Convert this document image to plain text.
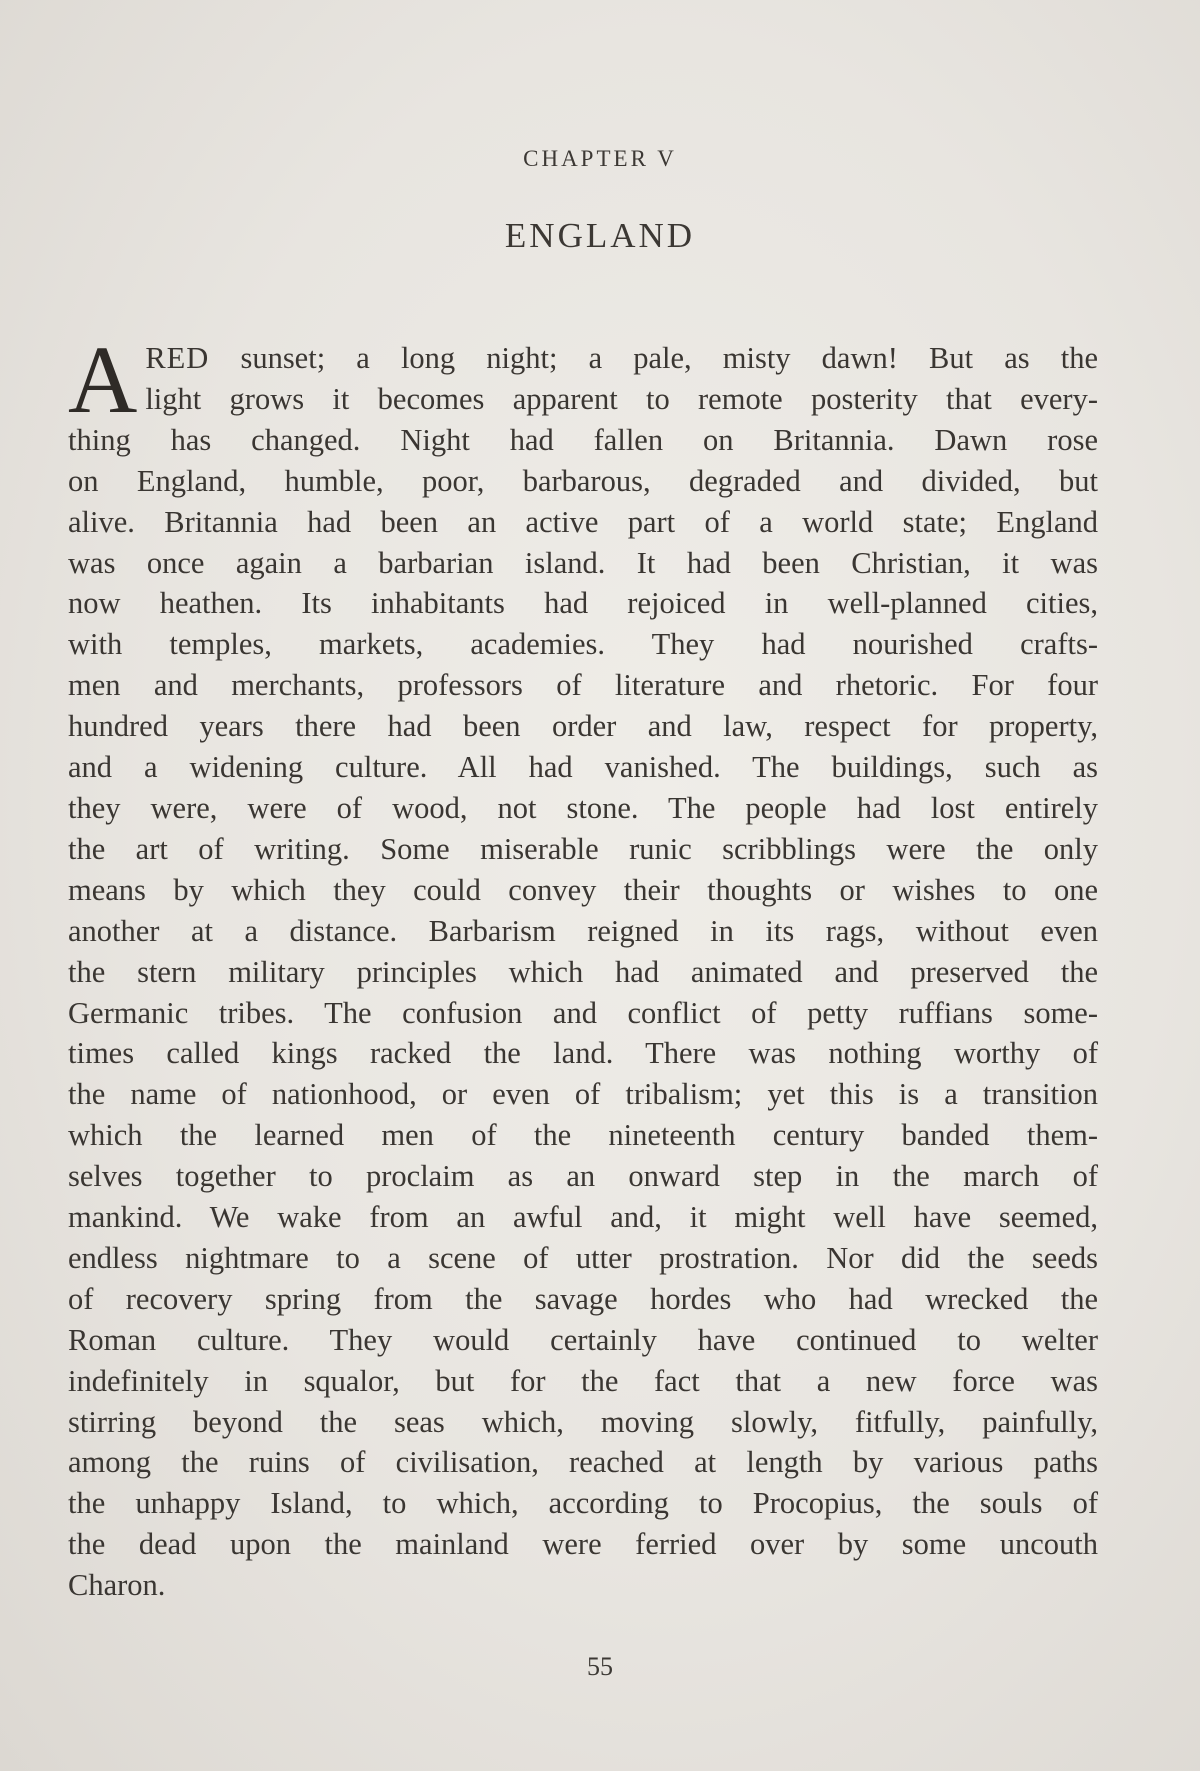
CHAPTER V
ENGLAND
A RED sunset; a long night; a pale, misty dawn! But as the
light grows it becomes apparent to remote posterity that every-
thing has changed. Night had fallen on Britannia. Dawn rose
on England, humble, poor, barbarous, degraded and divided, but
alive. Britannia had been an active part of a world state; England
was once again a barbarian island. It had been Christian, it was
now heathen. Its inhabitants had rejoiced in well-planned cities,
with temples, markets, academies. They had nourished crafts-
men and merchants, professors of literature and rhetoric. For four
hundred years there had been order and law, respect for property,
and a widening culture. All had vanished. The buildings, such as
they were, were of wood, not stone. The people had lost entirely
the art of writing. Some miserable runic scribblings were the only
means by which they could convey their thoughts or wishes to one
another at a distance. Barbarism reigned in its rags, without even
the stern military principles which had animated and preserved the
Germanic tribes. The confusion and conflict of petty ruffians some-
times called kings racked the land. There was nothing worthy of
the name of nationhood, or even of tribalism; yet this is a transition
which the learned men of the nineteenth century banded them-
selves together to proclaim as an onward step in the march of
mankind. We wake from an awful and, it might well have seemed,
endless nightmare to a scene of utter prostration. Nor did the seeds
of recovery spring from the savage hordes who had wrecked the
Roman culture. They would certainly have continued to welter
indefinitely in squalor, but for the fact that a new force was
stirring beyond the seas which, moving slowly, fitfully, painfully,
among the ruins of civilisation, reached at length by various paths
the unhappy Island, to which, according to Procopius, the souls of
the dead upon the mainland were ferried over by some uncouth
Charon.
55
